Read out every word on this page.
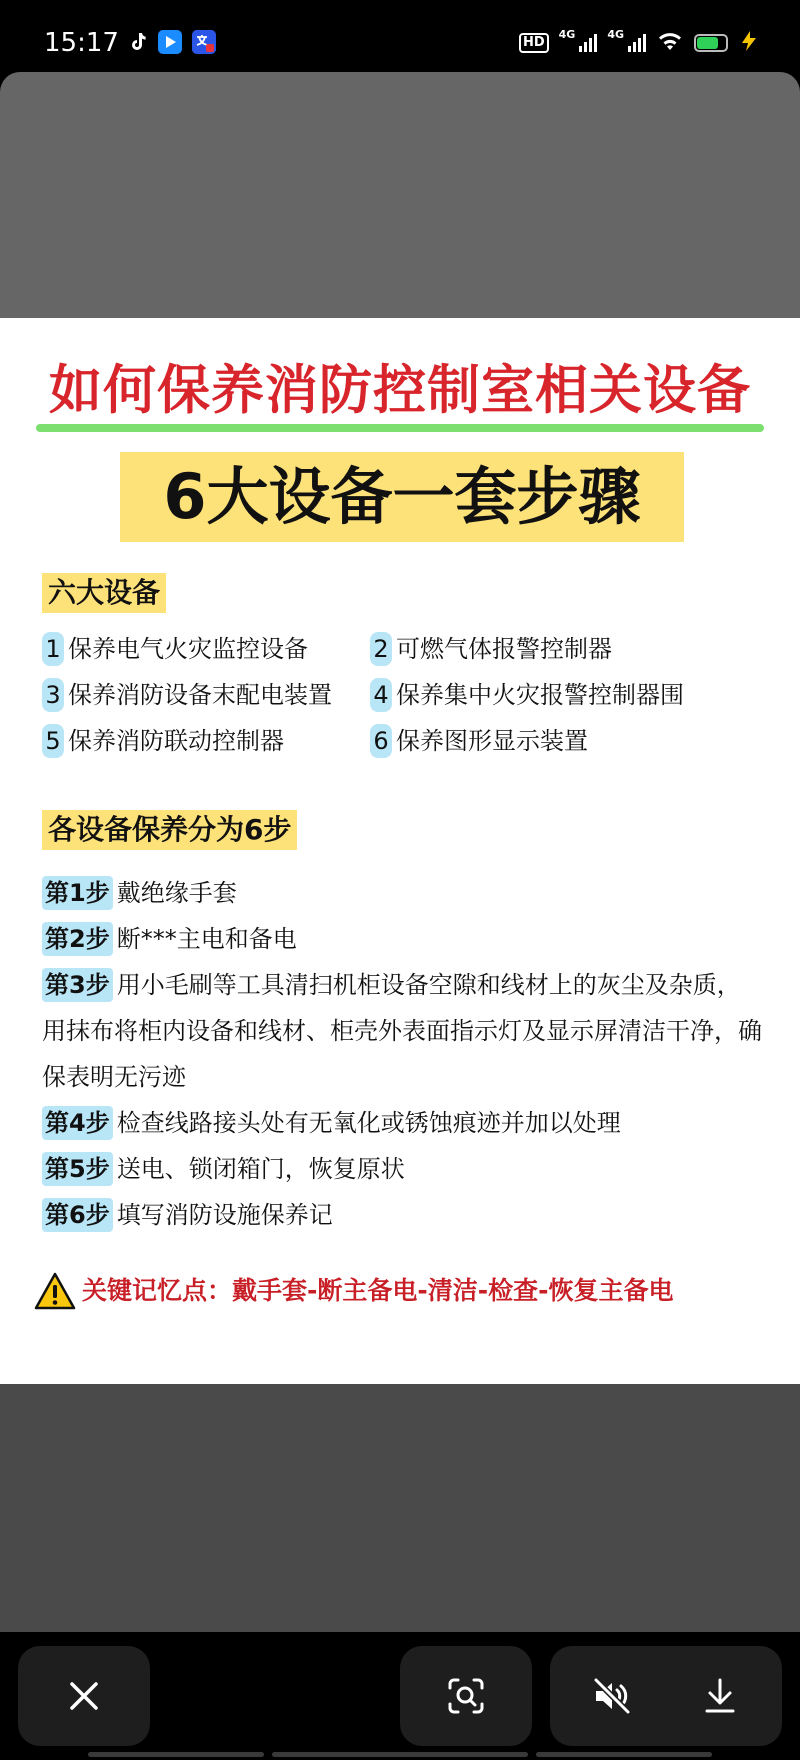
15:17	HD
4G	4G
如何保养消防控制室相关设备
6大设备一套步骤
六大设备
1 保养电气火灾监控设备	2 可燃气体报警控制器
3 保养消防设备末配电装置 4 保养集中火灾报警控制器围
5 保养消防联动控制器	6 保养图形显示装置
各设备保养分为6步
第1步 戴绝缘手套
第2步 断***主电和备电
第3步 用小毛刷等工具清扫机柜设备空隙和线材上的灰尘及杂质，用抹布将柜内设备和线材、柜壳外表面指示灯及显示屏清洁干净，确保表明无污迹
第4步 检查线路接头处有无氧化或锈蚀痕迹并加以处理
第5步 送电、锁闭箱门，恢复原状
第6步 填写消防设施保养记
关键记忆点：戴手套-断主备电-清洁-检查-恢复主备电
